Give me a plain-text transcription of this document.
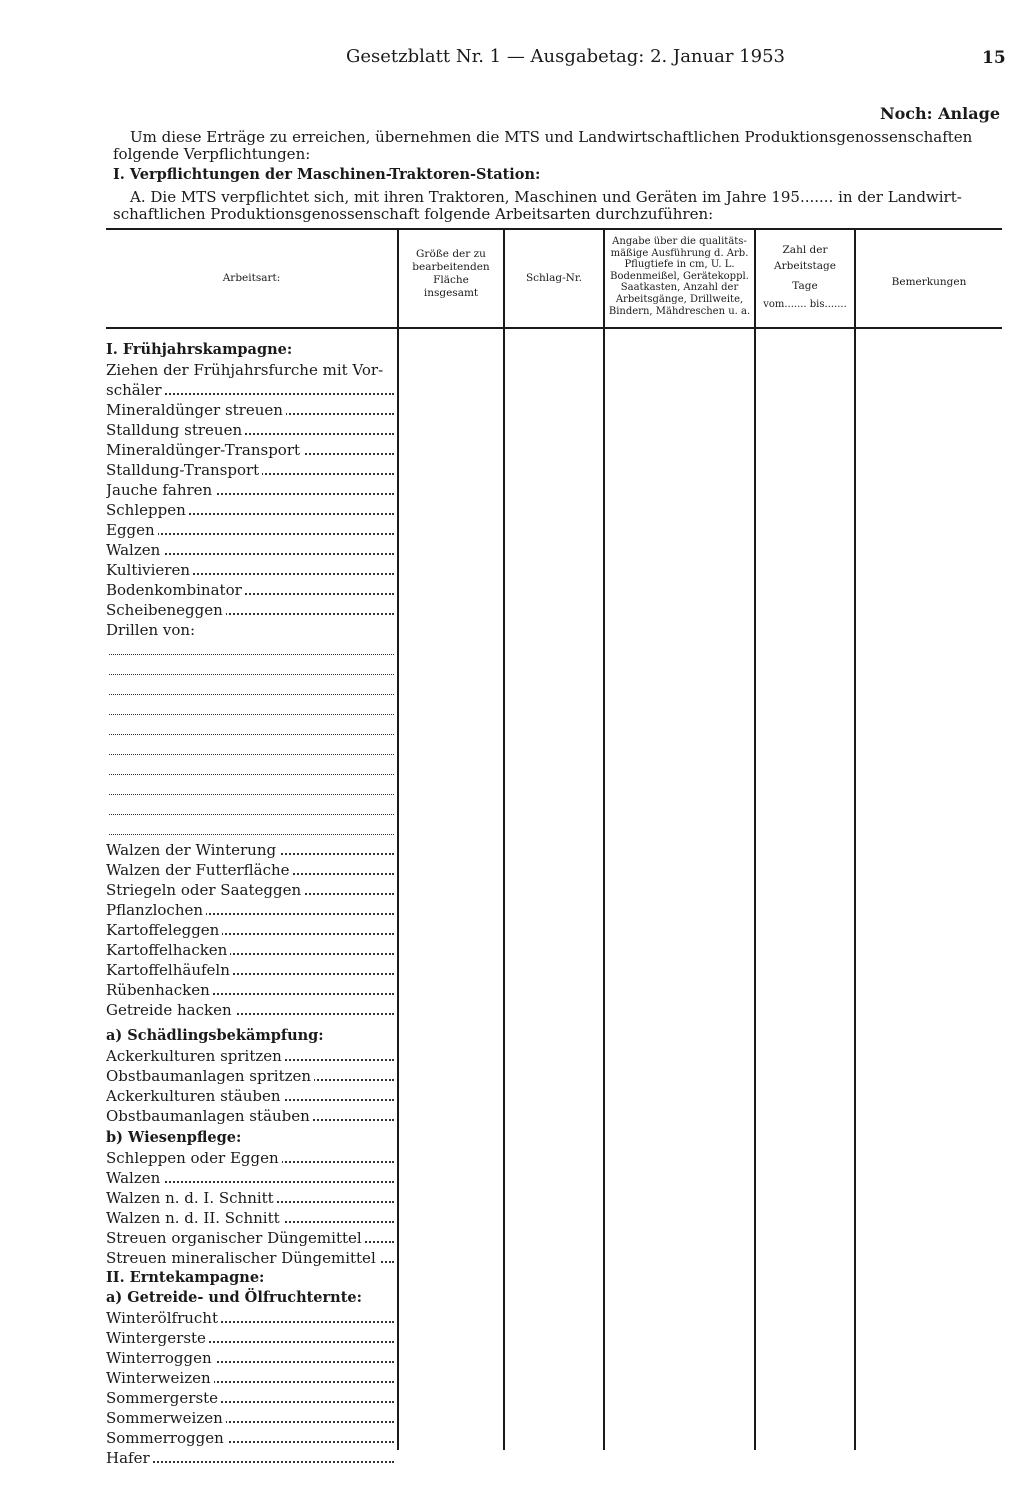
Gesetzblatt Nr. 1 — Ausgabetag: 2. Januar 1953	15
Noch: Anlage
Um diese Erträge zu erreichen, übernehmen die MTS und Landwirtschaftlichen Produktionsgenossenschaften
folgende Verpflichtungen:
I. Verpflichtungen der Maschinen-Traktoren-Station:
A. Die MTS verpflichtet sich, mit ihren Traktoren, Maschinen und Geräten im Jahre 195....... in der Landwirt-
schaftlichen Produktionsgenossenschaft folgende Arbeitsarten durchzuführen:
Arbeitsart:
Größe der zu
bearbeitenden
Fläche
insgesamt
Schlag-Nr.
Angabe über die qualitäts-
mäßige Ausführung d. Arb.
Pflugtiefe in cm, U. L.
Bodenmeißel, Gerätekoppl.
Saatkasten, Anzahl der
Arbeitsgänge, Drillweite,
Bindern, Mähdreschen u. a.
Zahl der
Arbeitstage
Tage
vom....... bis.......
Bemerkungen
I. Frühjahrskampagne:
Ziehen der Frühjahrsfurche mit Vor-
schäler
Mineraldünger streuen
Stalldung streuen
Mineraldünger-Transport
Stalldung-Transport
Jauche fahren
Schleppen
Eggen
Walzen
Kultivieren
Bodenkombinator
Scheibeneggen
Drillen von:
Walzen der Winterung
Walzen der Futterfläche
Striegeln oder Saateggen
Pflanzlochen
Kartoffeleggen
Kartoffelhacken
Kartoffelhäufeln
Rübenhacken
Getreide hacken
a) Schädlingsbekämpfung:
Ackerkulturen spritzen
Obstbaumanlagen spritzen
Ackerkulturen stäuben
Obstbaumanlagen stäuben
b) Wiesenpflege:
Schleppen oder Eggen
Walzen
Walzen n. d. I. Schnitt
Walzen n. d. II. Schnitt
Streuen organischer Düngemittel
Streuen mineralischer Düngemittel
II. Erntekampagne:
a) Getreide- und Ölfruchternte:
Winterölfrucht
Wintergerste
Winterroggen
Winterweizen
Sommergerste
Sommerweizen
Sommerroggen
Hafer
